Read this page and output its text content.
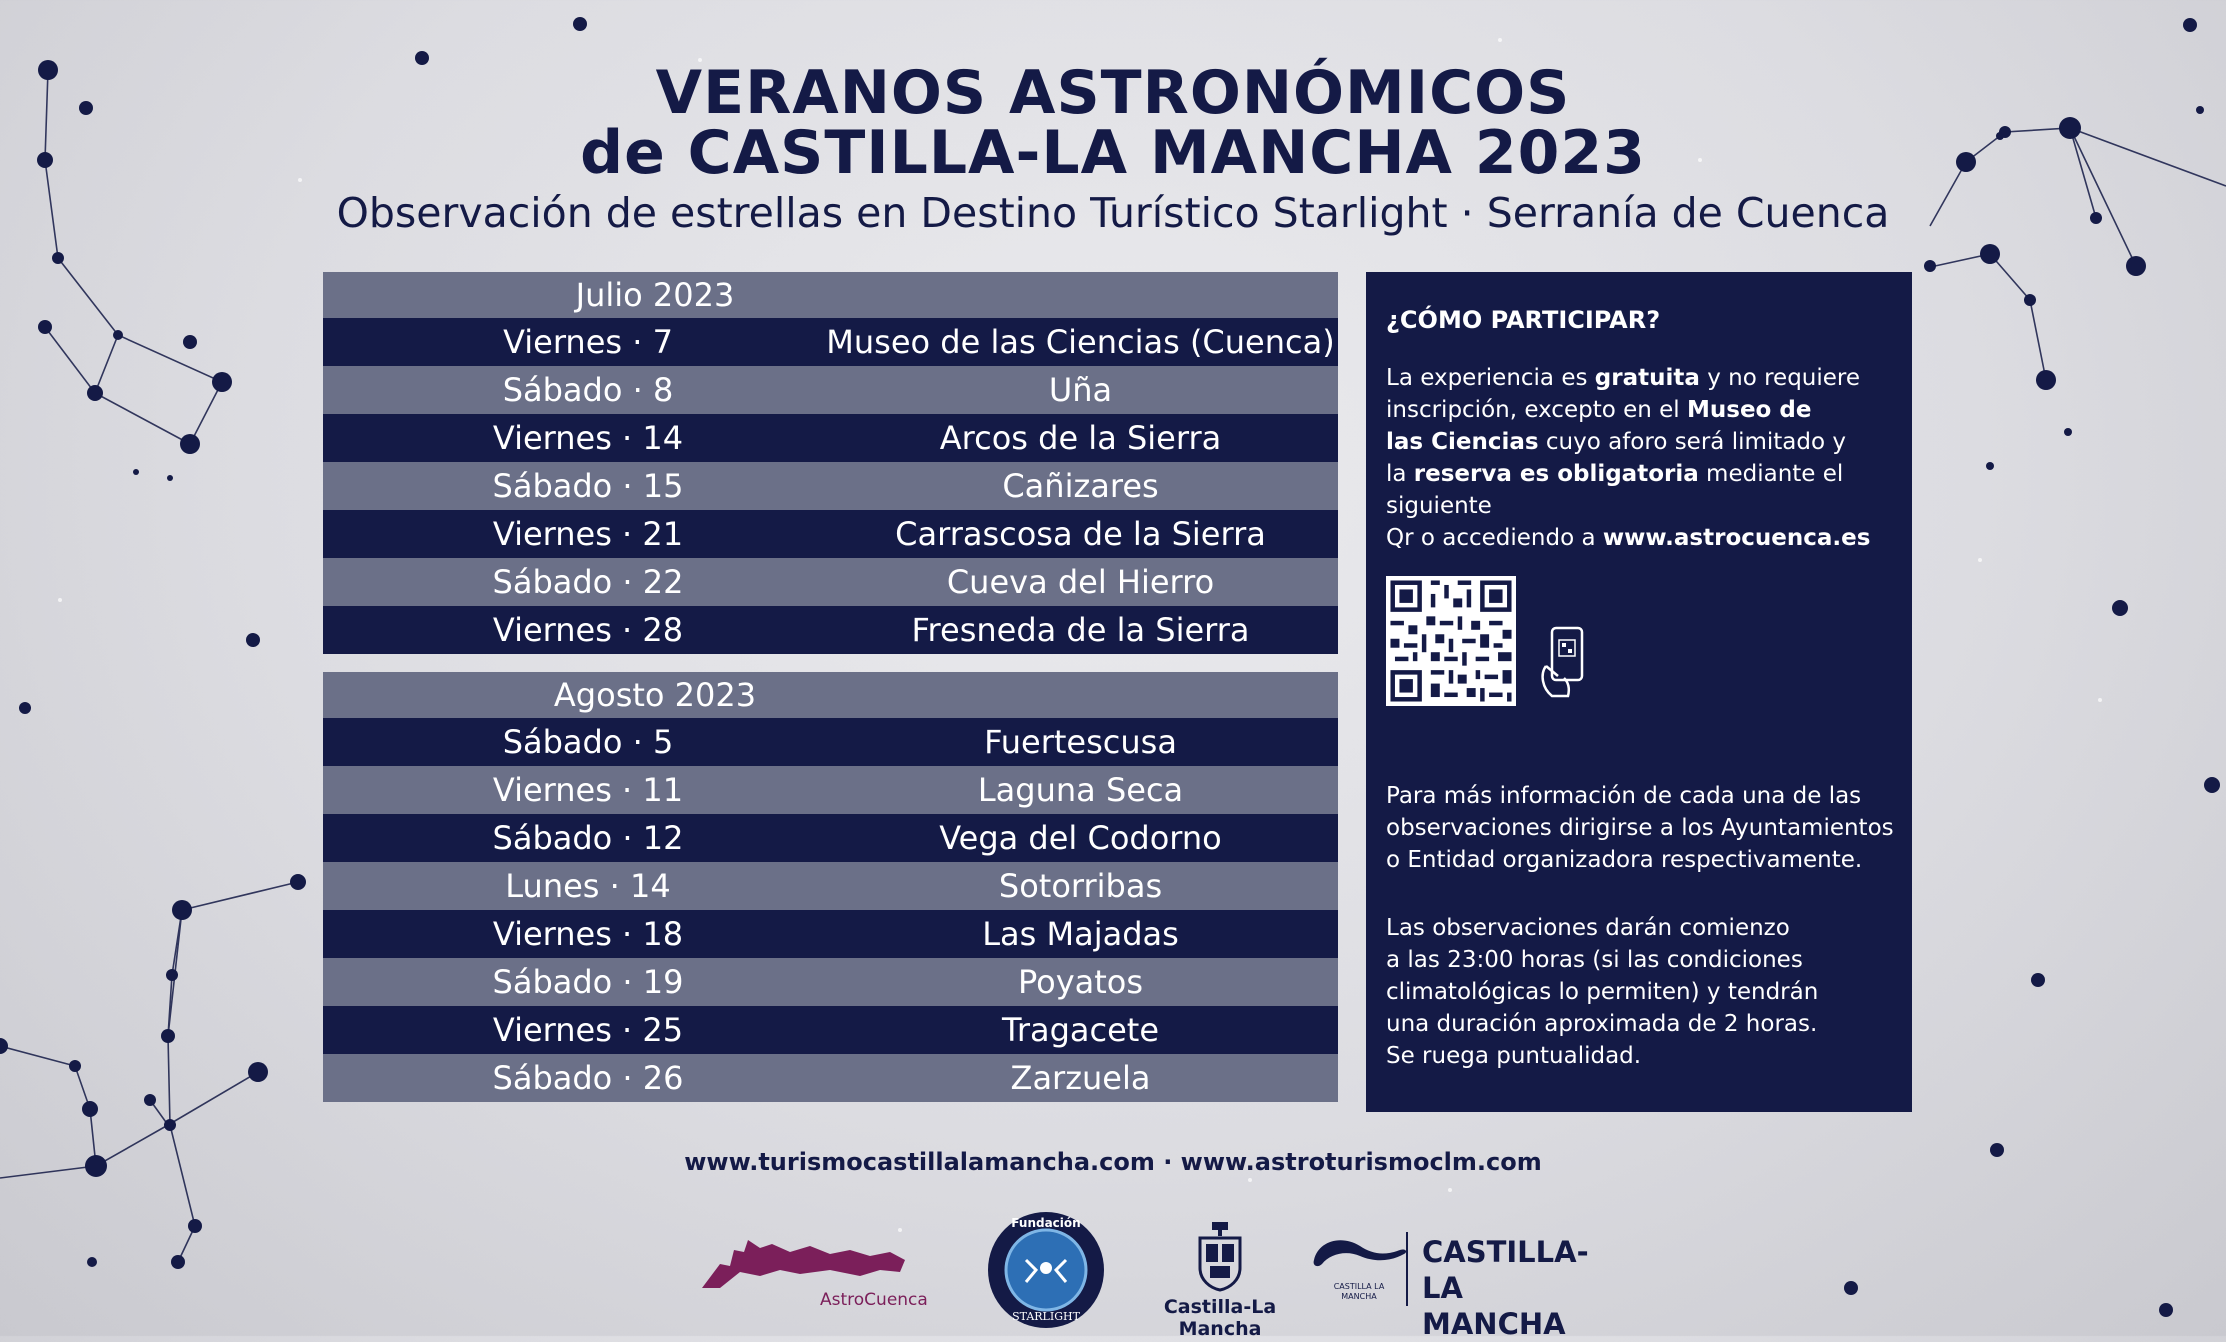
VERANOS ASTRONÓMICOS
de CASTILLA-LA MANCHA 2023

Observación de estrellas en Destino Turístico Starlight · Serranía de Cuenca

Julio 2023
Viernes · 7	Museo de las Ciencias (Cuenca)
Sábado · 8	Uña
Viernes · 14	Arcos de la Sierra
Sábado · 15	Cañizares
Viernes · 21	Carrascosa de la Sierra
Sábado · 22	Cueva del Hierro
Viernes · 28	Fresneda de la Sierra
Agosto 2023
Sábado · 5	Fuertescusa
Viernes · 11	Laguna Seca
Sábado · 12	Vega del Codorno
Lunes · 14	Sotorribas
Viernes · 18	Las Majadas
Sábado · 19	Poyatos
Viernes · 25	Tragacete
Sábado · 26	Zarzuela
¿CÓMO PARTICIPAR?

La experiencia es gratuita y no requiere

inscripción, excepto en el Museo de

las Ciencias cuyo aforo será limitado y

la reserva es obligatoria mediante el siguiente

Qr o accediendo a www.astrocuenca.es

Para más información de cada una de las

observaciones dirigirse a los Ayuntamientos

o Entidad organizadora respectivamente.

Las observaciones darán comienzo

a las 23:00 horas (si las condiciones

climatológicas lo permiten) y tendrán

una duración aproximada de 2 horas.

Se ruega puntualidad.

www.turismocastillalamancha.com · www.astroturismoclm.com
AstroCuenca
Fundación
STARLIGHT	Castilla-La Mancha
CASTILLA LA MANCHA
CASTILLA-
LA MANCHA
